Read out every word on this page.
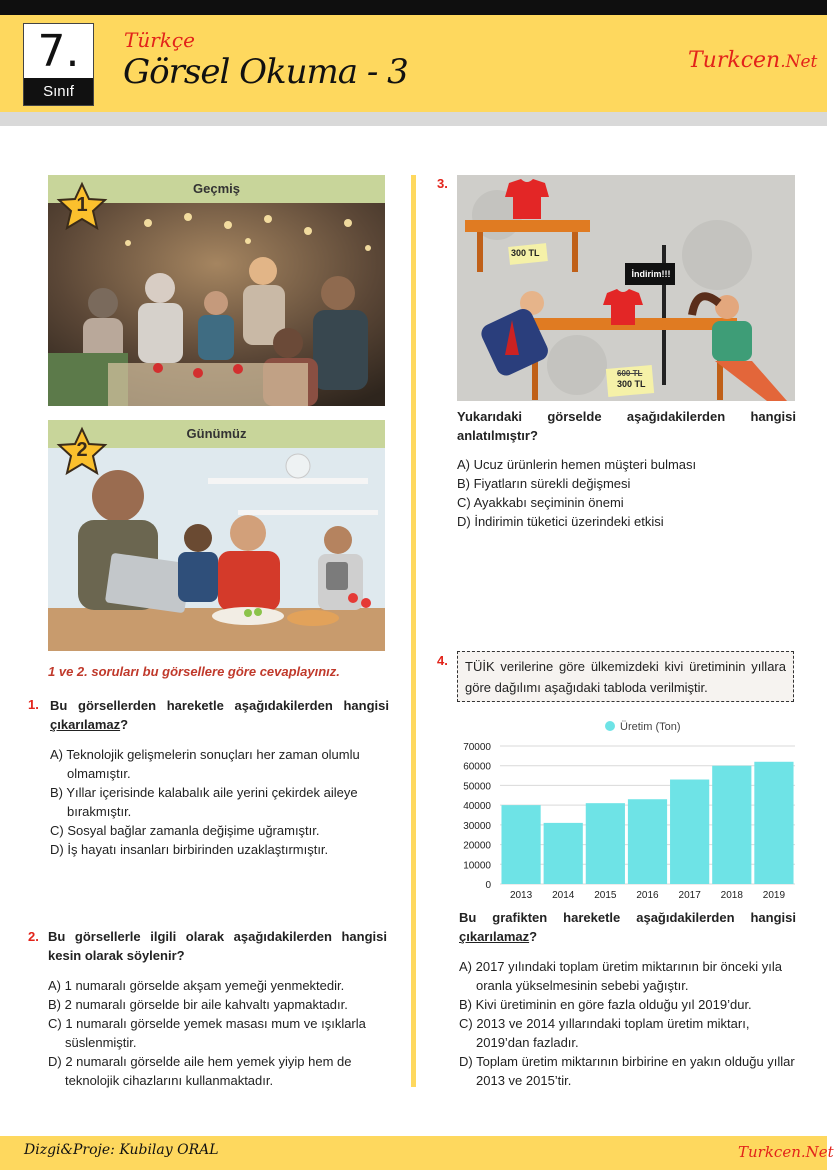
7.
Sınıf
Türkçe
Görsel Okuma - 3	Turkcen.Net
Geçmiş
1
Günümüz
2
1 ve 2. soruları bu görsellere göre cevaplayınız.
1. Bu görsellerden hareketle aşağıdakilerden hangisi çıkarılamaz?
A) Teknolojik gelişmelerin sonuçları her zaman olumlu olmamıştır.
B) Yıllar içerisinde kalabalık aile yerini çekirdek aileye bırakmıştır.
C) Sosyal bağlar zamanla değişime uğramıştır.
D) İş hayatı insanları birbirinden uzaklaştırmıştır.
2. Bu görsellerle ilgili olarak aşağıdakilerden hangisi kesin olarak söylenir?
A) 1 numaralı görselde akşam yemeği yenmektedir.
B) 2 numaralı görselde bir aile kahvaltı yapmaktadır.
C) 1 numaralı görselde yemek masası mum ve ışıklarla süslenmiştir.
D) 2 numaralı görselde aile hem yemek yiyip hem de teknolojik cihazlarını kullanmaktadır.
3.
300 TL
İndirim!!!
600 TL
300 TL
Yukarıdaki görselde aşağıdakilerden hangisi anlatılmıştır?
A) Ucuz ürünlerin hemen müşteri bulması
B) Fiyatların sürekli değişmesi
C) Ayakkabı seçiminin önemi
D) İndirimin tüketici üzerindeki etkisi
4.	TÜİK verilerine göre ülkemizdeki kivi üretiminin yıllara göre dağılımı aşağıdaki tabloda verilmiştir.
Üretim (Ton)
0
10000
20000
30000
40000
50000
60000
70000
2013 2014 2015 2016 2017 2018 2019
Bu grafikten hareketle aşağıdakilerden hangisi çıkarılamaz?
A) 2017 yılındaki toplam üretim miktarının bir önceki yıla oranla yükselmesinin sebebi yağıştır.
B) Kivi üretiminin en göre fazla olduğu yıl 2019’dur.
C) 2013 ve 2014 yıllarındaki toplam üretim miktarı, 2019’dan fazladır.
D) Toplam üretim miktarının birbirine en yakın olduğu yıllar 2013 ve 2015’tir.
Dizgi&Proje: Kubilay ORAL	Turkcen.Net
